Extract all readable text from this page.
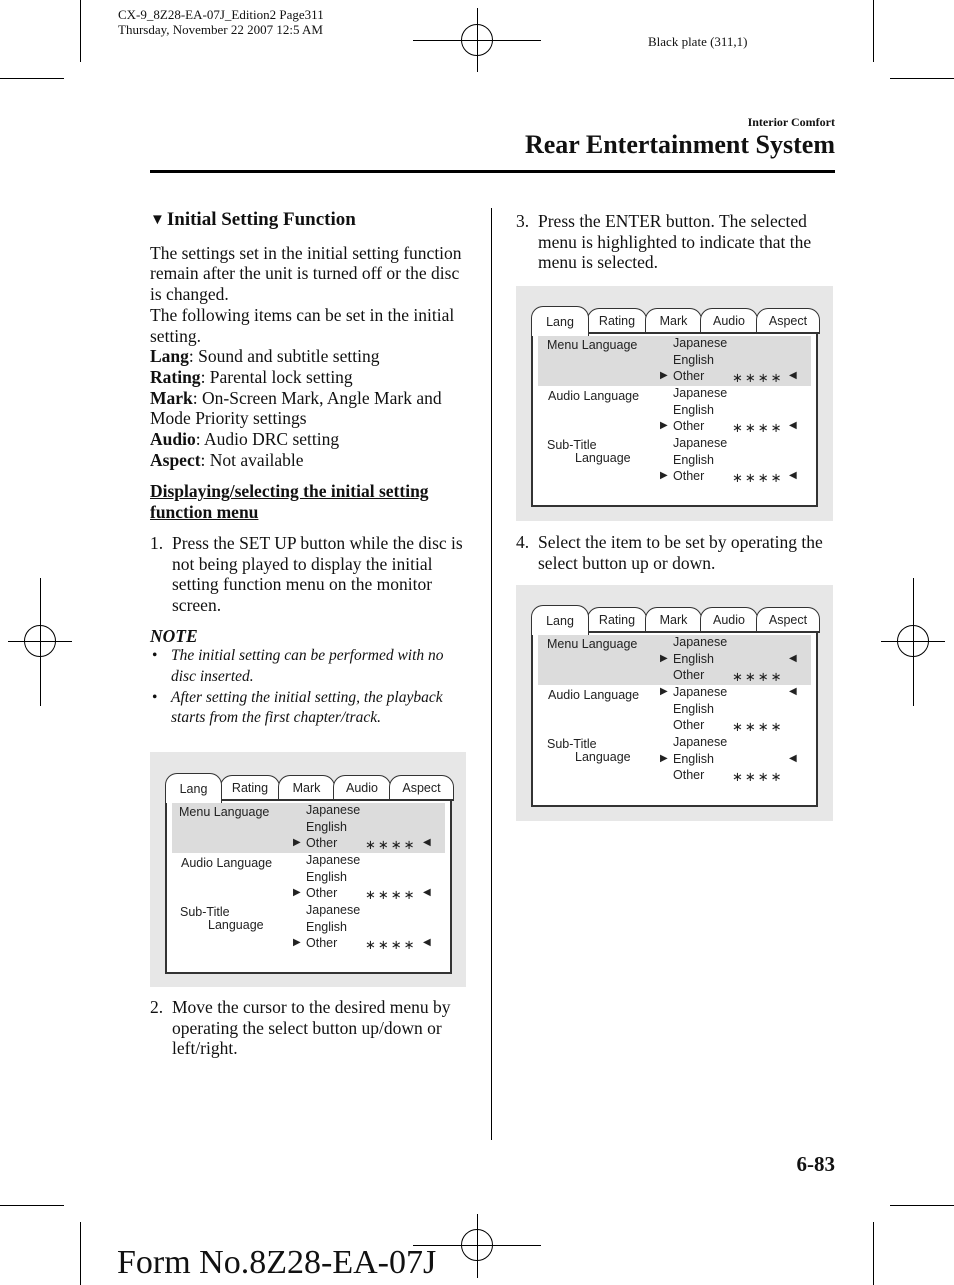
CX-9_8Z28-EA-07J_Edition2 Page311
Thursday, November 22 2007 12:5 AM
Black plate (311,1)
Interior Comfort
Rear Entertainment System
▼ Initial Setting Function

The settings set in the initial setting function remain after the unit is turned off or the disc is changed.

The following items can be set in the initial setting.

Lang: Sound and subtitle setting

Rating: Parental lock setting

Mark: On-Screen Mark, Angle Mark and Mode Priority settings

Audio: Audio DRC setting

Aspect: Not available

Displaying/selecting the initial setting function menu

1. Press the SET UP button while the disc is not being played to display the initial setting function menu on the monitor screen.

NOTE

• The initial setting can be performed with no disc inserted.
• After setting the initial setting, the playback starts from the first chapter/track.
Lang	Rating	Mark	Audio	Aspect
Menu Language	Japanese
English
▶ Other ∗∗∗∗ ◀
Audio Language	Japanese
English
▶ Other ∗∗∗∗ ◀
Sub-Title
Language
Japanese
English
▶ Other ∗∗∗∗ ◀
2. Move the cursor to the desired menu by operating the select button up/down or left/right.
3. Press the ENTER button. The selected menu is highlighted to indicate that the menu is selected.
Lang	Rating	Mark	Audio	Aspect
Menu Language	Japanese
English
▶ Other ∗∗∗∗ ◀
Audio Language	Japanese
English
▶ Other ∗∗∗∗ ◀
Sub-Title
Language
Japanese
English
▶ Other ∗∗∗∗ ◀
4. Select the item to be set by operating the select button up or down.
Lang	Rating	Mark	Audio	Aspect
Menu Language	Japanese
▶ English	◀
Other ∗∗∗∗
Audio Language ▶ Japanese	◀
English
Other ∗∗∗∗
Sub-Title
Language
Japanese
▶ English	◀
Other ∗∗∗∗
6-83
Form No.8Z28-EA-07J
